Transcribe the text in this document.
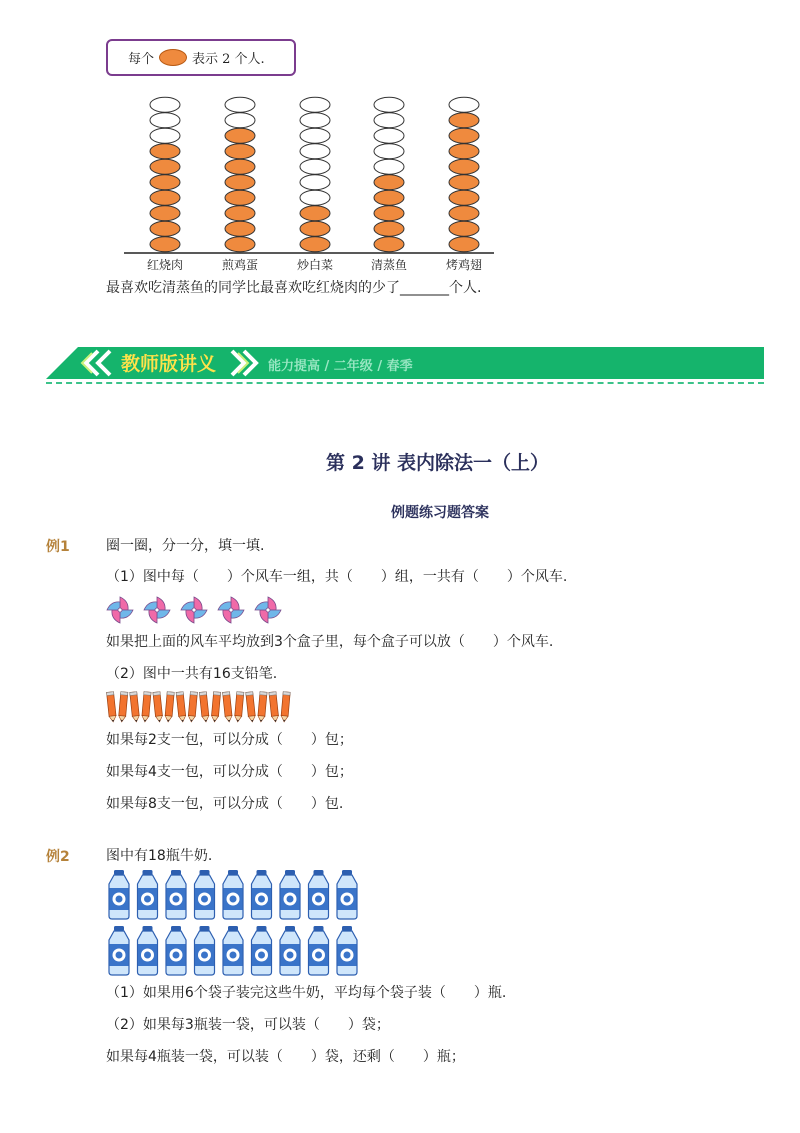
每个	表示 2 个人.
红烧肉	煎鸡蛋	炒白菜	清蒸鱼	烤鸡翅
最喜欢吃清蒸鱼的同学比最喜欢吃红烧肉的少了_______个人.
教师版讲义	能力提高 / 二年级 / 春季
第 2 讲 表内除法一（上）
例题练习题答案
例1	圈一圈，分一分，填一填.
（1）图中每（　　）个风车一组，共（　　）组，一共有（　　）个风车.
如果把上面的风车平均放到3个盒子里，每个盒子可以放（　　）个风车.
（2）图中一共有16支铅笔.
如果每2支一包，可以分成（　　）包；
如果每4支一包，可以分成（　　）包；
如果每8支一包，可以分成（　　）包.
例2	图中有18瓶牛奶.
（1）如果用6个袋子装完这些牛奶，平均每个袋子装（　　）瓶.
（2）如果每3瓶装一袋，可以装（　　）袋；
如果每4瓶装一袋，可以装（　　）袋，还剩（　　）瓶；
